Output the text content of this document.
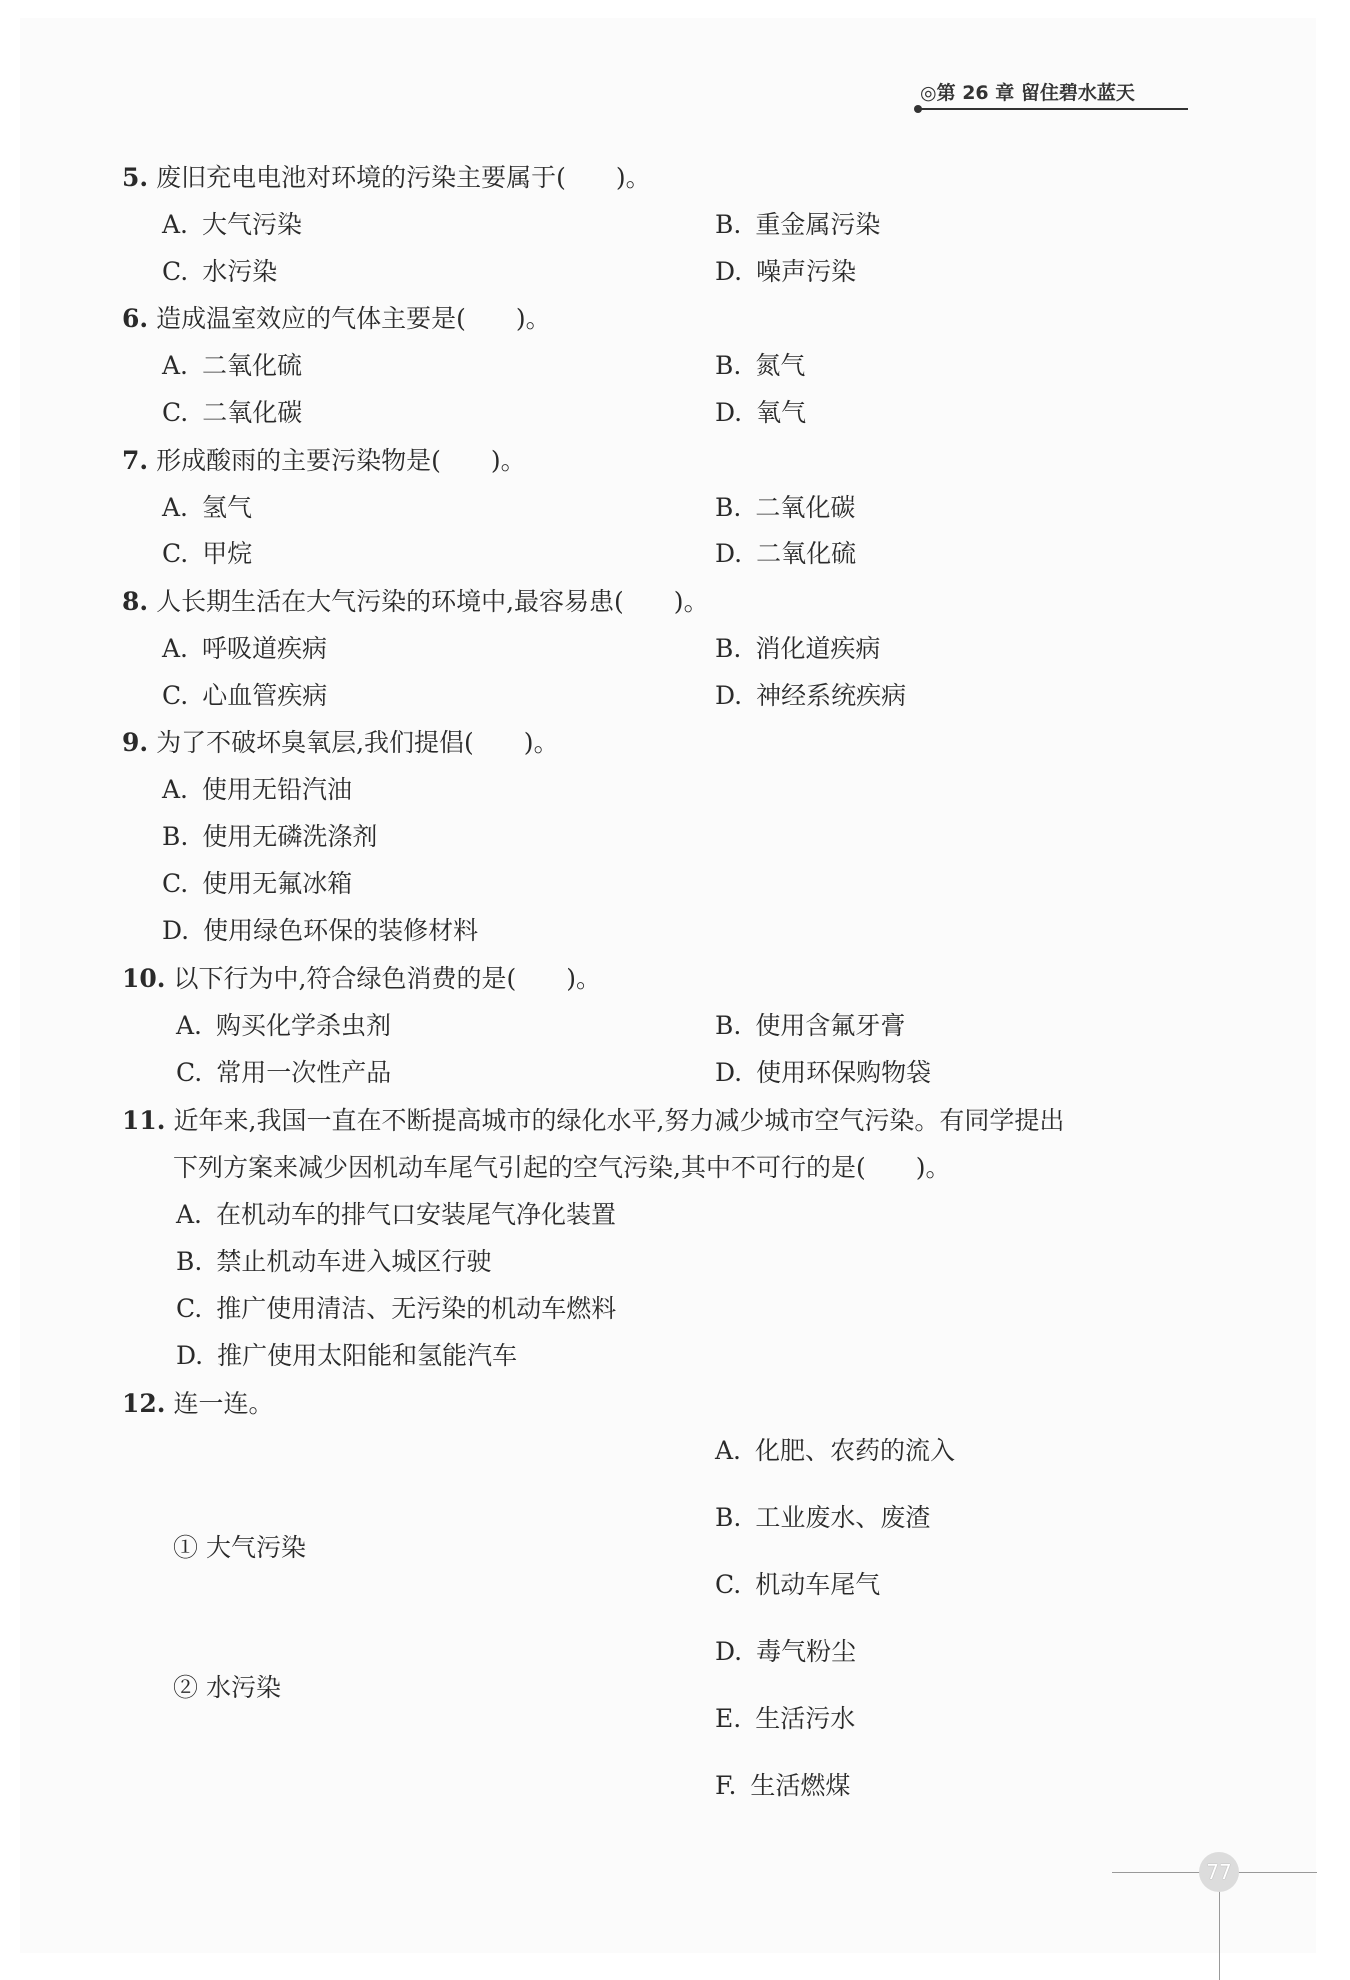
◎第 26 章 留住碧水蓝天
5. 废旧充电电池对环境的污染主要属于(　　)。
A. 大气污染	B. 重金属污染
C. 水污染	D. 噪声污染
6. 造成温室效应的气体主要是(　　)。
A. 二氧化硫	B. 氮气
C. 二氧化碳	D. 氧气
7. 形成酸雨的主要污染物是(　　)。
A. 氢气	B. 二氧化碳
C. 甲烷	D. 二氧化硫
8. 人长期生活在大气污染的环境中,最容易患(　　)。
A. 呼吸道疾病	B. 消化道疾病
C. 心血管疾病	D. 神经系统疾病
9. 为了不破坏臭氧层,我们提倡(　　)。
A. 使用无铅汽油
B. 使用无磷洗涤剂
C. 使用无氟冰箱
D. 使用绿色环保的装修材料
10. 以下行为中,符合绿色消费的是(　　)。
A. 购买化学杀虫剂	B. 使用含氟牙膏
C. 常用一次性产品	D. 使用环保购物袋
11. 近年来,我国一直在不断提高城市的绿化水平,努力减少城市空气污染。有同学提出
下列方案来减少因机动车尾气引起的空气污染,其中不可行的是(　　)。
A. 在机动车的排气口安装尾气净化装置
B. 禁止机动车进入城区行驶
C. 推广使用清洁、无污染的机动车燃料
D. 推广使用太阳能和氢能汽车
12. 连一连。
① 大气污染
② 水污染
A. 化肥、农药的流入
B. 工业废水、废渣
C. 机动车尾气
D. 毒气粉尘
E. 生活污水
F. 生活燃煤
77
